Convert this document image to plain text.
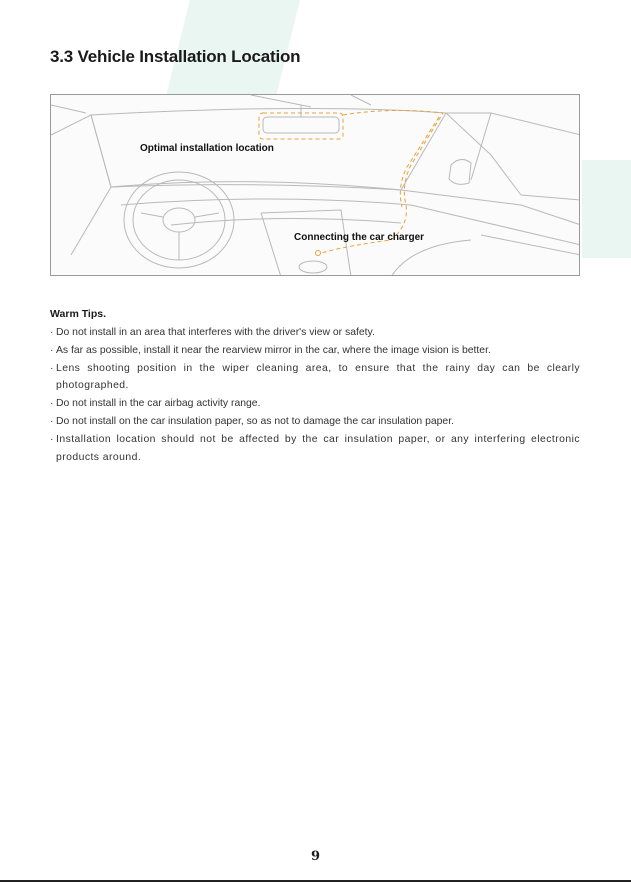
3.3 Vehicle Installation Location
Optimal installation location
Connecting the car charger
Warm Tips.
· Do not install in an area that interferes with the driver's view or safety.
· As far as possible, install it near the rearview mirror in the car, where the image vision is better.
· Lens shooting position in the wiper cleaning area, to ensure that the rainy day can be clearly photographed.
· Do not install in the car airbag activity range.
· Do not install on the car insulation paper, so as not to damage the car insulation paper.
· Installation location should not be affected by the car insulation paper, or any interfering electronic products around.
9
